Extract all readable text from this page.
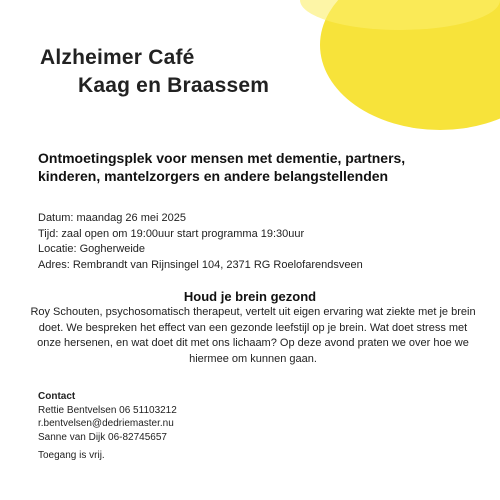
Alzheimer Café
Kaag en Braassem
Ontmoetingsplek voor mensen met dementie, partners, kinderen, mantelzorgers en andere belangstellenden
Datum: maandag 26 mei 2025
Tijd: zaal open om 19:00uur start programma 19:30uur
Locatie: Gogherweide
Adres: Rembrandt van Rijnsingel 104, 2371 RG Roelofarendsveen
Houd je brein gezond
Roy Schouten, psychosomatisch therapeut, vertelt uit eigen ervaring wat ziekte met je brein doet. We bespreken het effect van een gezonde leefstijl op je brein. Wat doet stress met onze hersenen, en wat doet dit met ons lichaam? Op deze avond praten we over hoe we hiermee om kunnen gaan.
Contact
Rettie Bentvelsen 06 51103212
r.bentvelsen@dedriemaster.nu
Sanne van Dijk 06-82745657
Toegang is vrij.
